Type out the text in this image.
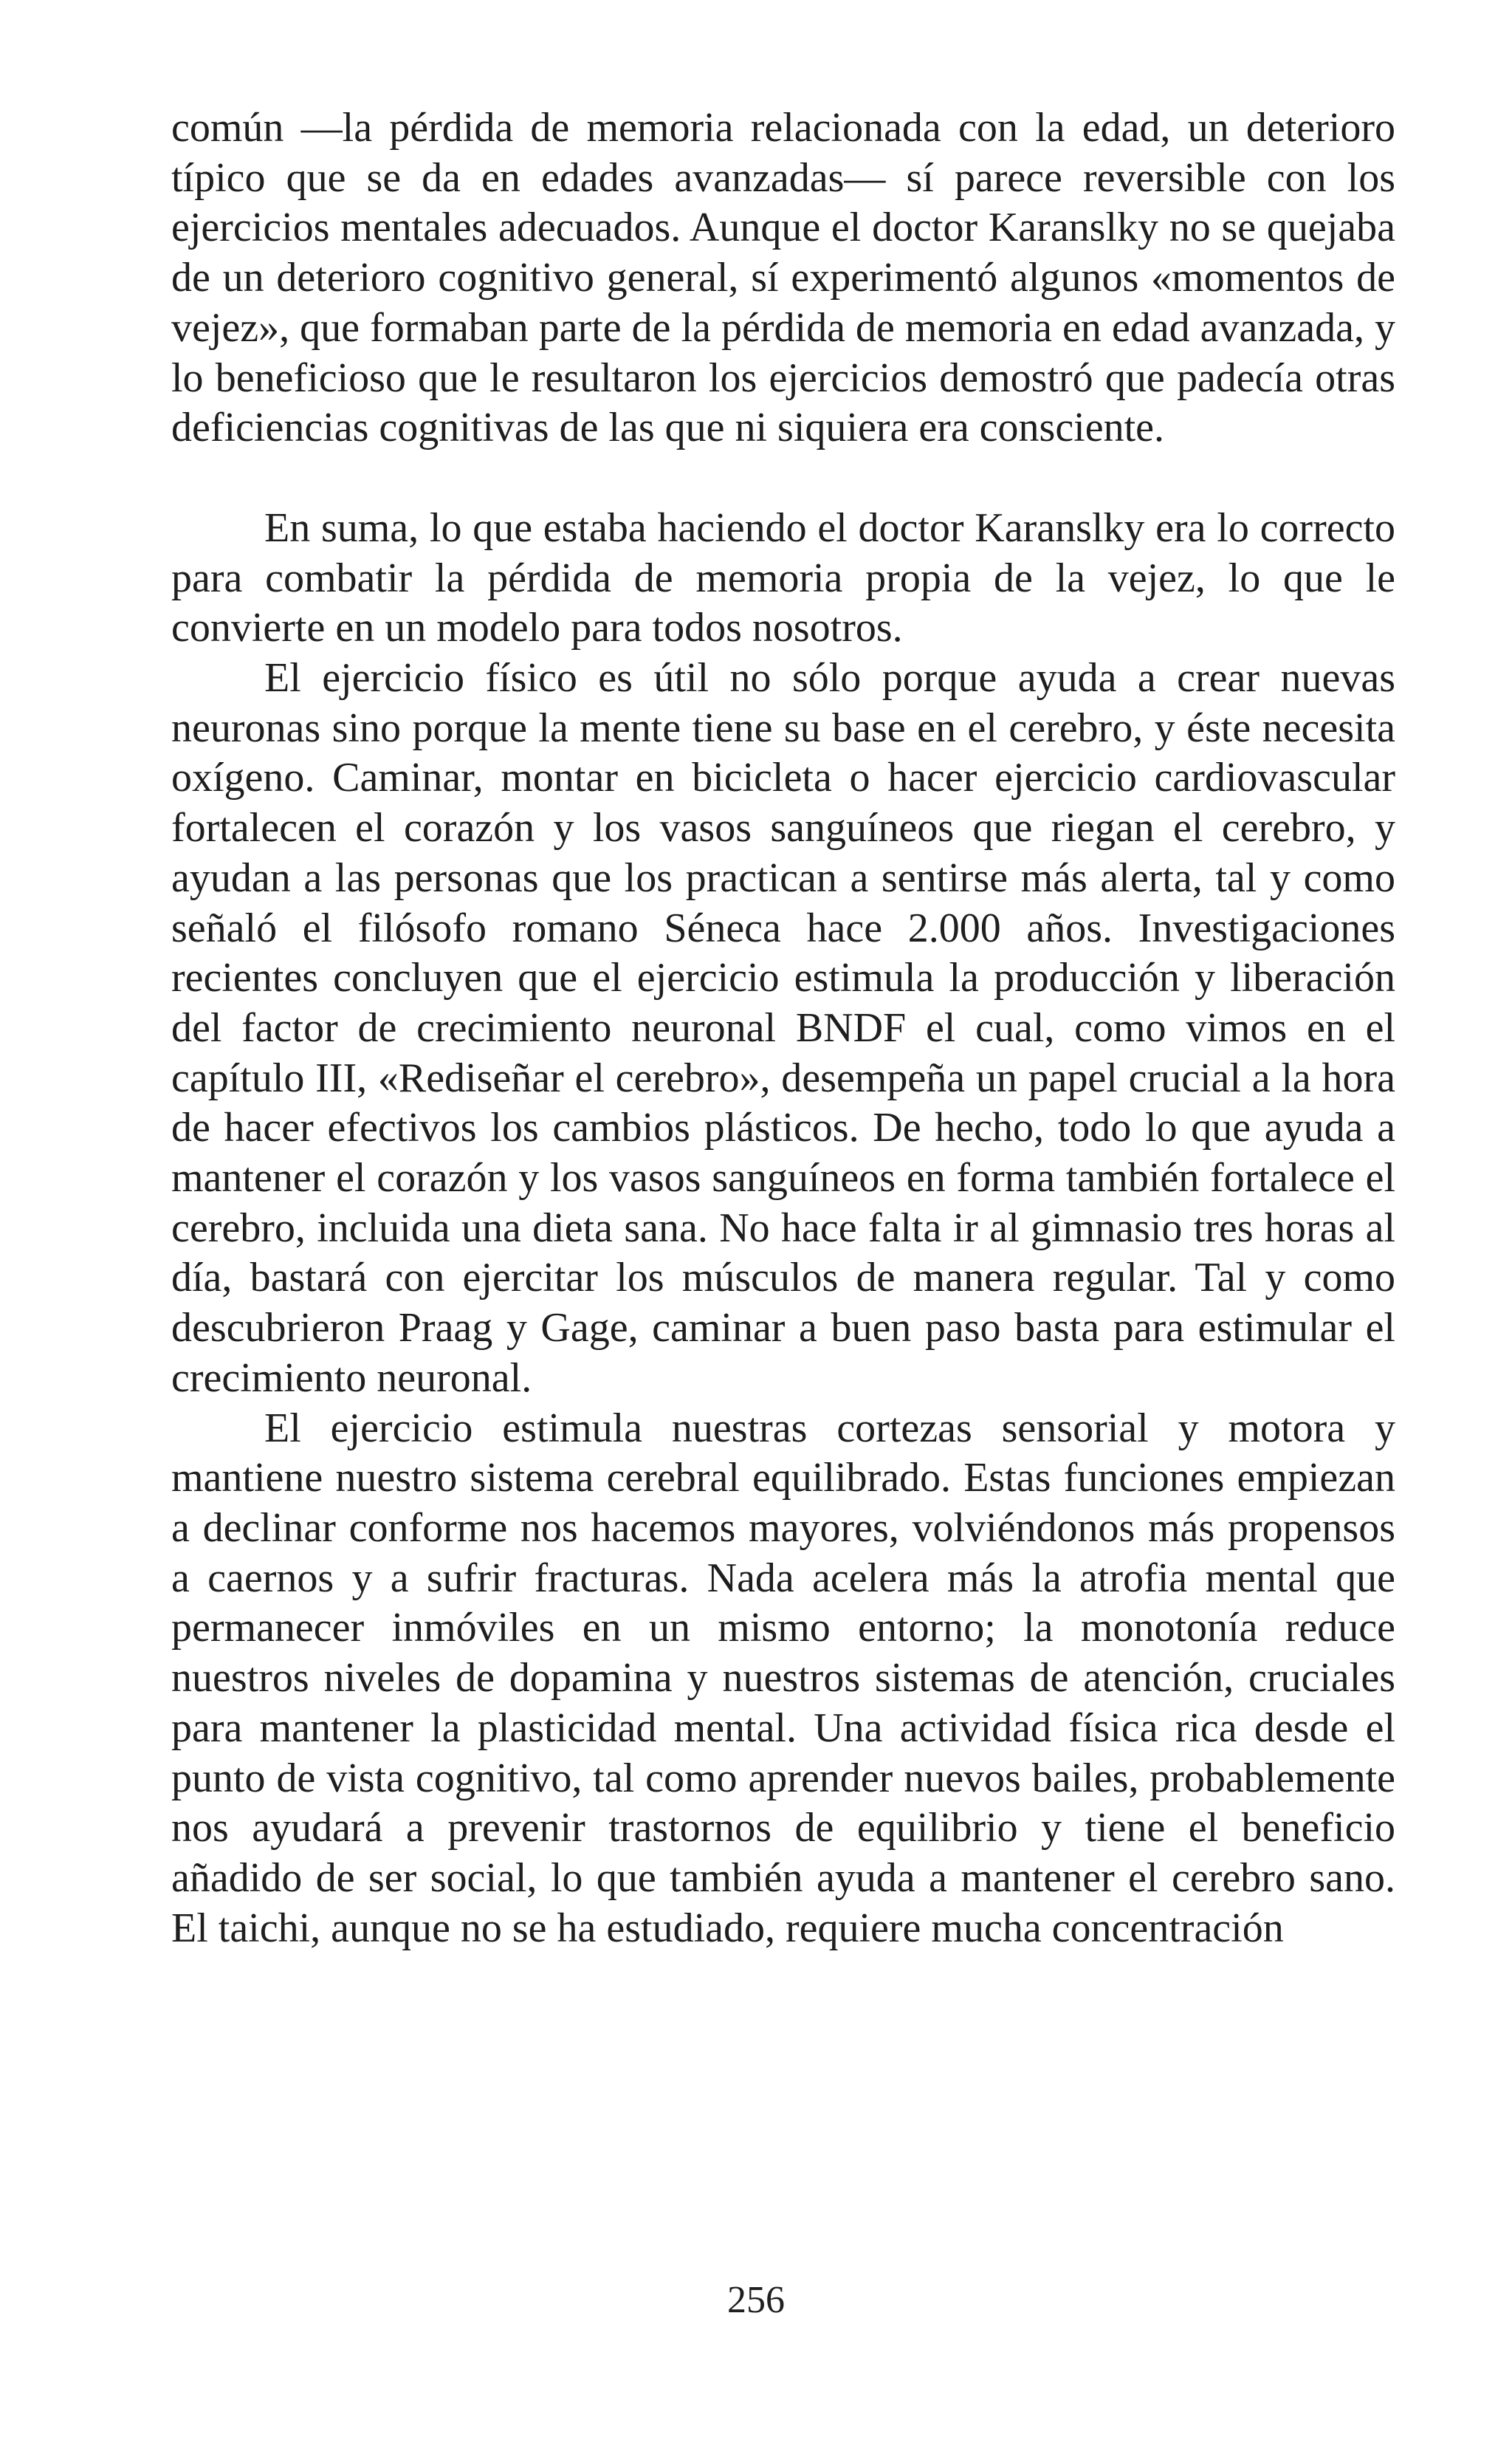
común —la pérdida de memoria relacionada con la edad, un deterioro típico que se da en edades avanzadas— sí parece reversible con los ejercicios mentales adecuados. Aunque el doctor Karanslky no se quejaba de un deterioro cognitivo general, sí experimentó algunos «momentos de vejez», que formaban parte de la pérdida de memoria en edad avanzada, y lo beneficioso que le resultaron los ejercicios demostró que padecía otras deficiencias cognitivas de las que ni siquiera era consciente.

En suma, lo que estaba haciendo el doctor Karanslky era lo correcto para combatir la pérdida de memoria propia de la vejez, lo que le convierte en un modelo para todos nosotros.

El ejercicio físico es útil no sólo porque ayuda a crear nuevas neuronas sino porque la mente tiene su base en el cerebro, y éste necesita oxígeno. Caminar, montar en bicicleta o hacer ejercicio cardiovascular fortalecen el corazón y los vasos sanguíneos que riegan el cerebro, y ayudan a las personas que los practican a sentirse más alerta, tal y como señaló el filósofo romano Séneca hace 2.000 años. Investigaciones recientes concluyen que el ejercicio estimula la producción y liberación del factor de crecimiento neuronal BNDF el cual, como vimos en el capítulo III, «Rediseñar el cerebro», desempeña un papel crucial a la hora de hacer efectivos los cambios plásticos. De hecho, todo lo que ayuda a mantener el corazón y los vasos sanguíneos en forma también fortalece el cerebro, incluida una dieta sana. No hace falta ir al gimnasio tres horas al día, bastará con ejercitar los músculos de manera regular. Tal y como descubrieron Praag y Gage, caminar a buen paso basta para estimular el crecimiento neuronal.

El ejercicio estimula nuestras cortezas sensorial y motora y mantiene nuestro sistema cerebral equilibrado. Estas funciones empiezan a declinar conforme nos hacemos mayores, volviéndonos más propensos a caernos y a sufrir fracturas. Nada acelera más la atrofia mental que permanecer inmóviles en un mismo entorno; la monotonía reduce nuestros niveles de dopamina y nuestros sistemas de atención, cruciales para mantener la plasticidad mental. Una actividad física rica desde el punto de vista cognitivo, tal como aprender nuevos bailes, probablemente nos ayudará a prevenir trastornos de equilibrio y tiene el beneficio añadido de ser social, lo que también ayuda a mantener el cerebro sano. El taichi, aunque no se ha estudiado, requiere mucha concentración

256
